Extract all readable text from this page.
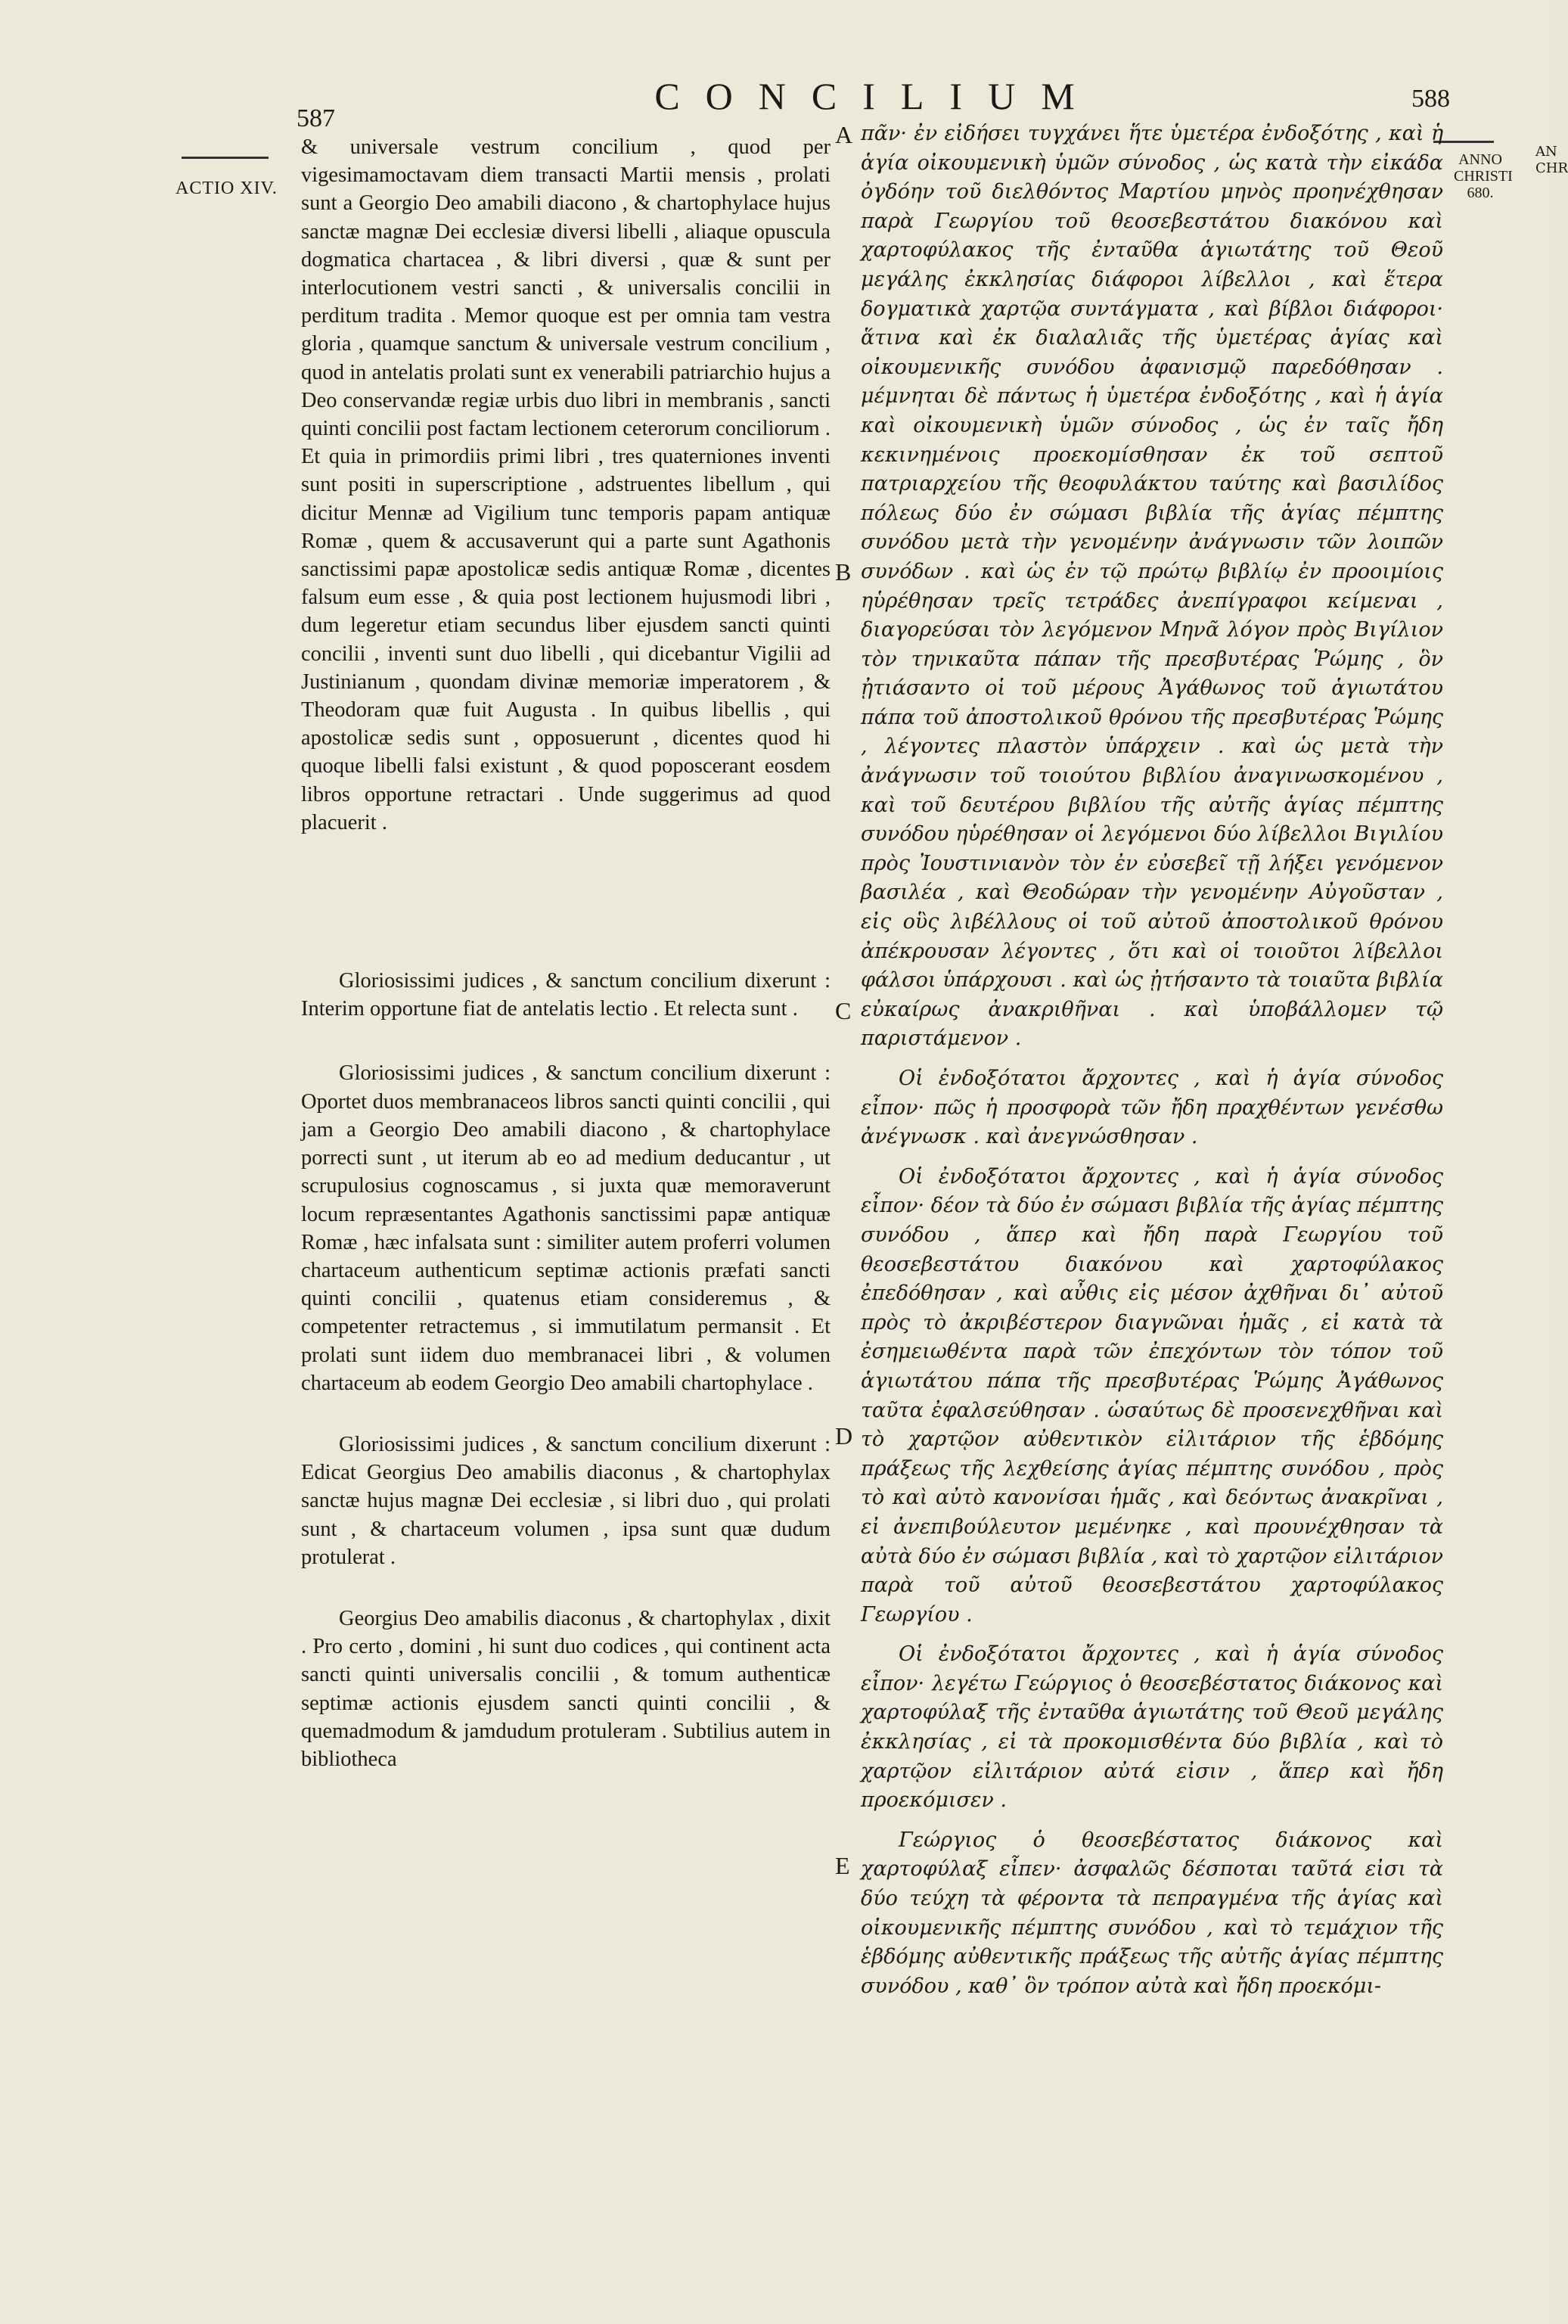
CONCILIUM
587
588
ACTIO XIV.
ANNO
CHRISTI
680.
AN
CHR
A
B
C
D
E

& universale vestrum concilium , quod per vigesimamoctavam diem transacti Martii mensis , prolati sunt a Georgio Deo amabili diacono , & chartophylace hujus sanctæ magnæ Dei ecclesiæ diversi libelli , aliaque opuscula dogmatica chartacea , & libri diversi , quæ & sunt per interlocutionem vestri sancti , & universalis concilii in perditum tradita . Memor quoque est per omnia tam vestra gloria , quamque sanctum & universale vestrum concilium , quod in antelatis prolati sunt ex venerabili patriarchio hujus a Deo conservandæ regiæ urbis duo libri in membranis , sancti quinti concilii post factam lectionem ceterorum conciliorum . Et quia in primordiis primi libri , tres quaterniones inventi sunt positi in superscriptione , adstruentes libellum , qui dicitur Mennæ ad Vigilium tunc temporis papam antiquæ Romæ , quem & accusaverunt qui a parte sunt Agathonis sanctissimi papæ apostolicæ sedis antiquæ Romæ , dicentes falsum eum esse , & quia post lectionem hujusmodi libri , dum legeretur etiam secundus liber ejusdem sancti quinti concilii , inventi sunt duo libelli , qui dicebantur Vigilii ad Justinianum , quondam divinæ memoriæ imperatorem , & Theodoram quæ fuit Augusta . In quibus libellis , qui apostolicæ sedis sunt , opposuerunt , dicentes quod hi quoque libelli falsi existunt , & quod poposcerant eosdem libros opportune retractari . Unde suggerimus ad quod placuerit .

Gloriosissimi judices , & sanctum concilium dixerunt : Interim opportune fiat de antelatis lectio . Et relecta sunt .

Gloriosissimi judices , & sanctum concilium dixerunt : Oportet duos membranaceos libros sancti quinti concilii , qui jam a Georgio Deo amabili diacono , & chartophylace porrecti sunt , ut iterum ab eo ad medium deducantur , ut scrupulosius cognoscamus , si juxta quæ memoraverunt locum repræsentantes Agathonis sanctissimi papæ antiquæ Romæ , hæc infalsata sunt : similiter autem proferri volumen chartaceum authenticum septimæ actionis præfati sancti quinti concilii , quatenus etiam consideremus , & competenter retractemus , si immutilatum permansit . Et prolati sunt iidem duo membranacei libri , & volumen chartaceum ab eodem Georgio Deo amabili chartophylace .

Gloriosissimi judices , & sanctum concilium dixerunt : Edicat Georgius Deo amabilis diaconus , & chartophylax sanctæ hujus magnæ Dei ecclesiæ , si libri duo , qui prolati sunt , & chartaceum volumen , ipsa sunt quæ dudum protulerat .

Georgius Deo amabilis diaconus , & chartophylax , dixit . Pro certo , domini , hi sunt duo codices , qui continent acta sancti quinti universalis concilii , & tomum authenticæ septimæ actionis ejusdem sancti quinti concilii , & quemadmodum & jamdudum protuleram . Subtilius autem in bibliotheca

πᾶν· ἐν εἰδήσει τυγχάνει ἥτε ὑμετέρα ἐνδοξότης , καὶ ἡ ἁγία οἰκουμενικὴ ὑμῶν σύνοδος , ὡς κατὰ τὴν εἰκάδα ὀγδόην τοῦ διελθόντος Μαρτίου μηνὸς προηνέχθησαν παρὰ Γεωργίου τοῦ θεοσεβεστάτου διακόνου καὶ χαρτοφύλακος τῆς ἐνταῦθα ἁγιωτάτης τοῦ Θεοῦ μεγάλης ἐκκλησίας διάφοροι λίβελλοι , καὶ ἕτερα δογματικὰ χαρτῷα συντάγματα , καὶ βίβλοι διάφοροι· ἅτινα καὶ ἐκ διαλαλιᾶς τῆς ὑμετέρας ἁγίας καὶ οἰκουμενικῆς συνόδου ἀφανισμῷ παρεδόθησαν . μέμνηται δὲ πάντως ἡ ὑμετέρα ἐνδοξότης , καὶ ἡ ἁγία καὶ οἰκουμενικὴ ὑμῶν σύνοδος , ὡς ἐν ταῖς ἤδη κεκινημένοις προεκομίσθησαν ἐκ τοῦ σεπτοῦ πατριαρχείου τῆς θεοφυλάκτου ταύτης καὶ βασιλίδος πόλεως δύο ἐν σώμασι βιβλία τῆς ἁγίας πέμπτης συνόδου μετὰ τὴν γενομένην ἀνάγνωσιν τῶν λοιπῶν συνόδων . καὶ ὡς ἐν τῷ πρώτῳ βιβλίῳ ἐν προοιμίοις ηὑρέθησαν τρεῖς τετράδες ἀνεπίγραφοι κείμεναι , διαγορεύσαι τὸν λεγόμενον Μηνᾶ λόγον πρὸς Βιγίλιον τὸν τηνικαῦτα πάπαν τῆς πρεσβυτέρας Ῥώμης , ὃν ᾐτιάσαντο οἱ τοῦ μέρους Ἀγάθωνος τοῦ ἁγιωτάτου πάπα τοῦ ἀποστολικοῦ θρόνου τῆς πρεσβυτέρας Ῥώμης , λέγοντες πλαστὸν ὑπάρχειν . καὶ ὡς μετὰ τὴν ἀνάγνωσιν τοῦ τοιούτου βιβλίου ἀναγινωσκομένου , καὶ τοῦ δευτέρου βιβλίου τῆς αὐτῆς ἁγίας πέμπτης συνόδου ηὑρέθησαν οἱ λεγόμενοι δύο λίβελλοι Βιγιλίου πρὸς Ἰουστινιανὸν τὸν ἐν εὐσεβεῖ τῇ λήξει γενόμενον βασιλέα , καὶ Θεοδώραν τὴν γενομένην Αὐγοῦσταν , εἰς οὓς λιβέλλους οἱ τοῦ αὐτοῦ ἀποστολικοῦ θρόνου ἀπέκρουσαν λέγοντες , ὅτι καὶ οἱ τοιοῦτοι λίβελλοι φάλσοι ὑπάρχουσι . καὶ ὡς ᾐτήσαντο τὰ τοιαῦτα βιβλία εὐκαίρως ἀνακριθῆναι . καὶ ὑποβάλλομεν τῷ παριστάμενον .

Οἱ ἐνδοξότατοι ἄρχοντες , καὶ ἡ ἁγία σύνοδος εἶπον· πῶς ἡ προσφορὰ τῶν ἤδη πραχθέντων γενέσθω ἀνέγνωσκ . καὶ ἀνεγνώσθησαν .

Οἱ ἐνδοξότατοι ἄρχοντες , καὶ ἡ ἁγία σύνοδος εἶπον· δέον τὰ δύο ἐν σώμασι βιβλία τῆς ἁγίας πέμπτης συνόδου , ἅπερ καὶ ἤδη παρὰ Γεωργίου τοῦ θεοσεβεστάτου διακόνου καὶ χαρτοφύλακος ἐπεδόθησαν , καὶ αὖθις εἰς μέσον ἀχθῆναι δι᾿ αὐτοῦ πρὸς τὸ ἀκριβέστερον διαγνῶναι ἡμᾶς , εἰ κατὰ τὰ ἐσημειωθέντα παρὰ τῶν ἐπεχόντων τὸν τόπον τοῦ ἁγιωτάτου πάπα τῆς πρεσβυτέρας Ῥώμης Ἀγάθωνος ταῦτα ἐφαλσεύθησαν . ὡσαύτως δὲ προσενεχθῆναι καὶ τὸ χαρτῷον αὐθεντικὸν εἰλιτάριον τῆς ἑβδόμης πράξεως τῆς λεχθείσης ἁγίας πέμπτης συνόδου , πρὸς τὸ καὶ αὐτὸ κανονίσαι ἡμᾶς , καὶ δεόντως ἀνακρῖναι , εἰ ἀνεπιβούλευτον μεμένηκε , καὶ προυνέχθησαν τὰ αὐτὰ δύο ἐν σώμασι βιβλία , καὶ τὸ χαρτῷον εἰλιτάριον παρὰ τοῦ αὐτοῦ θεοσεβεστάτου χαρτοφύλακος Γεωργίου .

Οἱ ἐνδοξότατοι ἄρχοντες , καὶ ἡ ἁγία σύνοδος εἶπον· λεγέτω Γεώργιος ὁ θεοσεβέστατος διάκονος καὶ χαρτοφύλαξ τῆς ἐνταῦθα ἁγιωτάτης τοῦ Θεοῦ μεγάλης ἐκκλησίας , εἰ τὰ προκομισθέντα δύο βιβλία , καὶ τὸ χαρτῷον εἰλιτάριον αὐτά εἰσιν , ἅπερ καὶ ἤδη προεκόμισεν .

Γεώργιος ὁ θεοσεβέστατος διάκονος καὶ χαρτοφύλαξ εἶπεν· ἀσφαλῶς δέσποται ταῦτά εἰσι τὰ δύο τεύχη τὰ φέροντα τὰ πεπραγμένα τῆς ἁγίας καὶ οἰκουμενικῆς πέμπτης συνόδου , καὶ τὸ τεμάχιον τῆς ἑβδόμης αὐθεντικῆς πράξεως τῆς αὐτῆς ἁγίας πέμπτης συνόδου , καθ᾿ ὃν τρόπον αὐτὰ καὶ ἤδη προεκόμι-
